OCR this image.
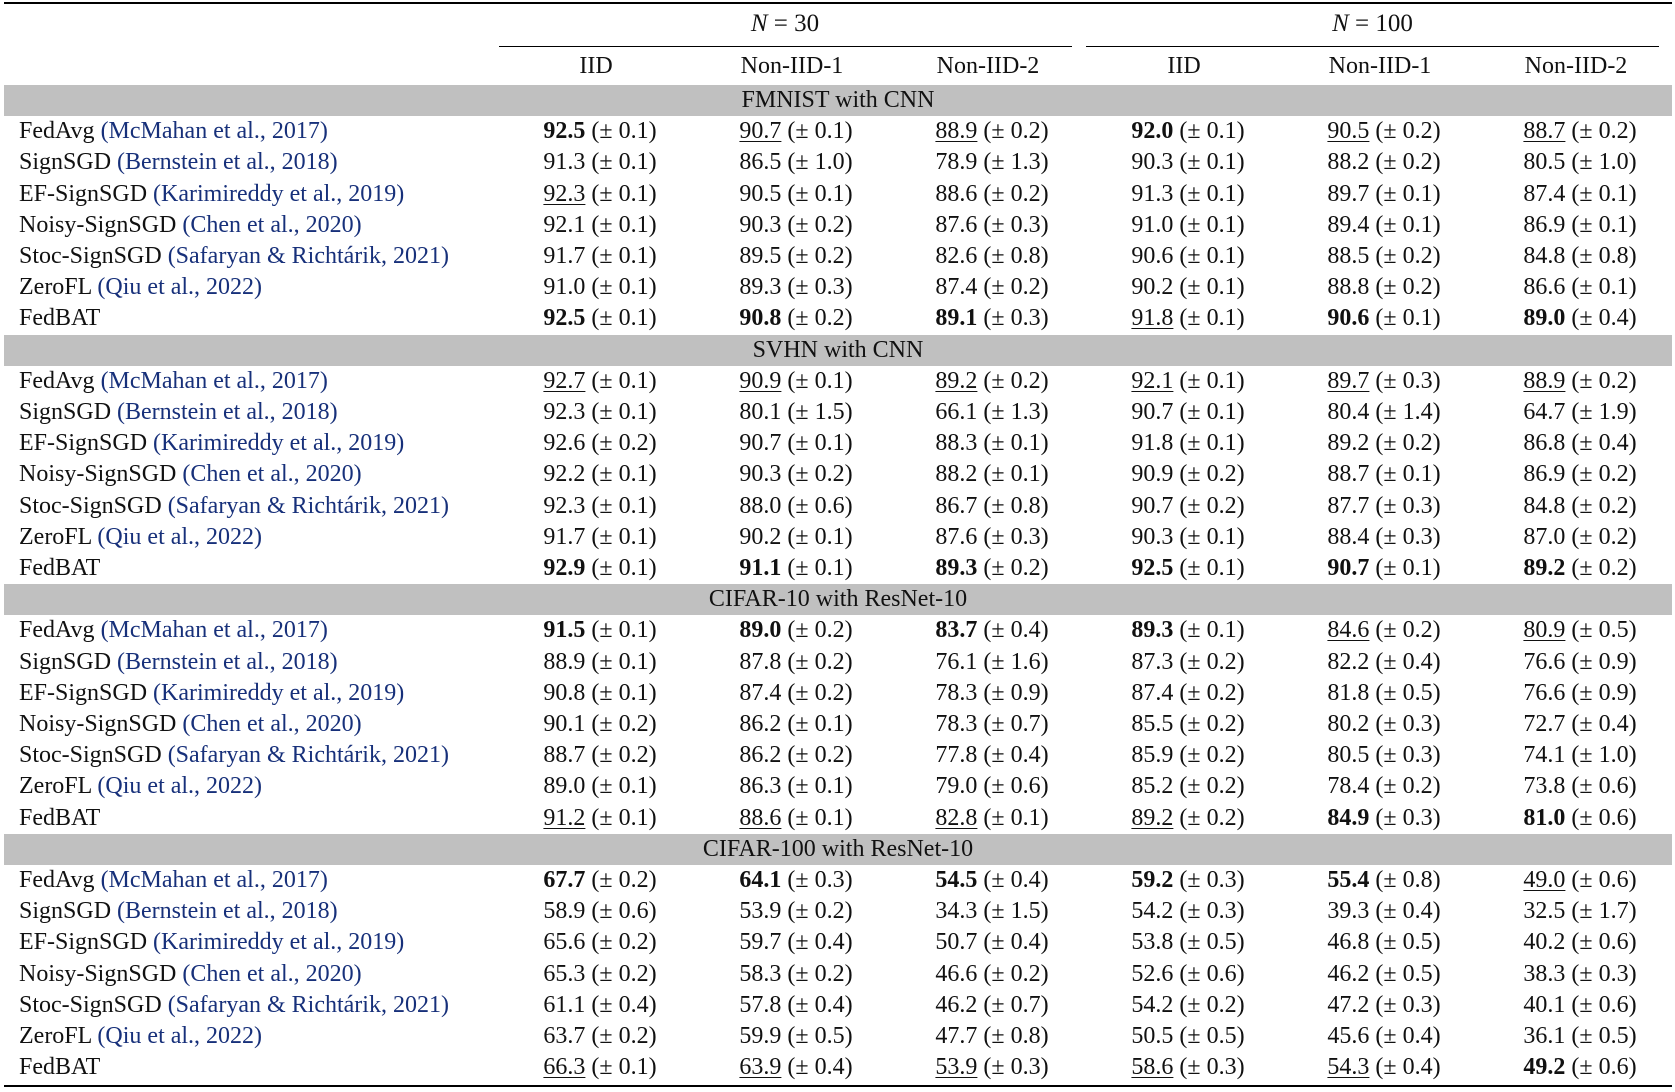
N = 30	N = 100
IID	Non-IID-1	Non-IID-2	IID	Non-IID-1	Non-IID-2
FMNIST with CNN
FedAvg (McMahan et al., 2017)	92.5 (± 0.1)	90.7 (± 0.1)	88.9 (± 0.2)	92.0 (± 0.1)	90.5 (± 0.2)	88.7 (± 0.2)
SignSGD (Bernstein et al., 2018)	91.3 (± 0.1)	86.5 (± 1.0)	78.9 (± 1.3)	90.3 (± 0.1)	88.2 (± 0.2)	80.5 (± 1.0)
EF-SignSGD (Karimireddy et al., 2019)	92.3 (± 0.1)	90.5 (± 0.1)	88.6 (± 0.2)	91.3 (± 0.1)	89.7 (± 0.1)	87.4 (± 0.1)
Noisy-SignSGD (Chen et al., 2020)	92.1 (± 0.1)	90.3 (± 0.2)	87.6 (± 0.3)	91.0 (± 0.1)	89.4 (± 0.1)	86.9 (± 0.1)
Stoc-SignSGD (Safaryan & Richtárik, 2021)	91.7 (± 0.1)	89.5 (± 0.2)	82.6 (± 0.8)	90.6 (± 0.1)	88.5 (± 0.2)	84.8 (± 0.8)
ZeroFL (Qiu et al., 2022)	91.0 (± 0.1)	89.3 (± 0.3)	87.4 (± 0.2)	90.2 (± 0.1)	88.8 (± 0.2)	86.6 (± 0.1)
FedBAT	92.5 (± 0.1)	90.8 (± 0.2)	89.1 (± 0.3)	91.8 (± 0.1)	90.6 (± 0.1)	89.0 (± 0.4)
SVHN with CNN
FedAvg (McMahan et al., 2017)	92.7 (± 0.1)	90.9 (± 0.1)	89.2 (± 0.2)	92.1 (± 0.1)	89.7 (± 0.3)	88.9 (± 0.2)
SignSGD (Bernstein et al., 2018)	92.3 (± 0.1)	80.1 (± 1.5)	66.1 (± 1.3)	90.7 (± 0.1)	80.4 (± 1.4)	64.7 (± 1.9)
EF-SignSGD (Karimireddy et al., 2019)	92.6 (± 0.2)	90.7 (± 0.1)	88.3 (± 0.1)	91.8 (± 0.1)	89.2 (± 0.2)	86.8 (± 0.4)
Noisy-SignSGD (Chen et al., 2020)	92.2 (± 0.1)	90.3 (± 0.2)	88.2 (± 0.1)	90.9 (± 0.2)	88.7 (± 0.1)	86.9 (± 0.2)
Stoc-SignSGD (Safaryan & Richtárik, 2021)	92.3 (± 0.1)	88.0 (± 0.6)	86.7 (± 0.8)	90.7 (± 0.2)	87.7 (± 0.3)	84.8 (± 0.2)
ZeroFL (Qiu et al., 2022)	91.7 (± 0.1)	90.2 (± 0.1)	87.6 (± 0.3)	90.3 (± 0.1)	88.4 (± 0.3)	87.0 (± 0.2)
FedBAT	92.9 (± 0.1)	91.1 (± 0.1)	89.3 (± 0.2)	92.5 (± 0.1)	90.7 (± 0.1)	89.2 (± 0.2)
CIFAR-10 with ResNet-10
FedAvg (McMahan et al., 2017)	91.5 (± 0.1)	89.0 (± 0.2)	83.7 (± 0.4)	89.3 (± 0.1)	84.6 (± 0.2)	80.9 (± 0.5)
SignSGD (Bernstein et al., 2018)	88.9 (± 0.1)	87.8 (± 0.2)	76.1 (± 1.6)	87.3 (± 0.2)	82.2 (± 0.4)	76.6 (± 0.9)
EF-SignSGD (Karimireddy et al., 2019)	90.8 (± 0.1)	87.4 (± 0.2)	78.3 (± 0.9)	87.4 (± 0.2)	81.8 (± 0.5)	76.6 (± 0.9)
Noisy-SignSGD (Chen et al., 2020)	90.1 (± 0.2)	86.2 (± 0.1)	78.3 (± 0.7)	85.5 (± 0.2)	80.2 (± 0.3)	72.7 (± 0.4)
Stoc-SignSGD (Safaryan & Richtárik, 2021)	88.7 (± 0.2)	86.2 (± 0.2)	77.8 (± 0.4)	85.9 (± 0.2)	80.5 (± 0.3)	74.1 (± 1.0)
ZeroFL (Qiu et al., 2022)	89.0 (± 0.1)	86.3 (± 0.1)	79.0 (± 0.6)	85.2 (± 0.2)	78.4 (± 0.2)	73.8 (± 0.6)
FedBAT	91.2 (± 0.1)	88.6 (± 0.1)	82.8 (± 0.1)	89.2 (± 0.2)	84.9 (± 0.3)	81.0 (± 0.6)
CIFAR-100 with ResNet-10
FedAvg (McMahan et al., 2017)	67.7 (± 0.2)	64.1 (± 0.3)	54.5 (± 0.4)	59.2 (± 0.3)	55.4 (± 0.8)	49.0 (± 0.6)
SignSGD (Bernstein et al., 2018)	58.9 (± 0.6)	53.9 (± 0.2)	34.3 (± 1.5)	54.2 (± 0.3)	39.3 (± 0.4)	32.5 (± 1.7)
EF-SignSGD (Karimireddy et al., 2019)	65.6 (± 0.2)	59.7 (± 0.4)	50.7 (± 0.4)	53.8 (± 0.5)	46.8 (± 0.5)	40.2 (± 0.6)
Noisy-SignSGD (Chen et al., 2020)	65.3 (± 0.2)	58.3 (± 0.2)	46.6 (± 0.2)	52.6 (± 0.6)	46.2 (± 0.5)	38.3 (± 0.3)
Stoc-SignSGD (Safaryan & Richtárik, 2021)	61.1 (± 0.4)	57.8 (± 0.4)	46.2 (± 0.7)	54.2 (± 0.2)	47.2 (± 0.3)	40.1 (± 0.6)
ZeroFL (Qiu et al., 2022)	63.7 (± 0.2)	59.9 (± 0.5)	47.7 (± 0.8)	50.5 (± 0.5)	45.6 (± 0.4)	36.1 (± 0.5)
FedBAT	66.3 (± 0.1)	63.9 (± 0.4)	53.9 (± 0.3)	58.6 (± 0.3)	54.3 (± 0.4)	49.2 (± 0.6)
